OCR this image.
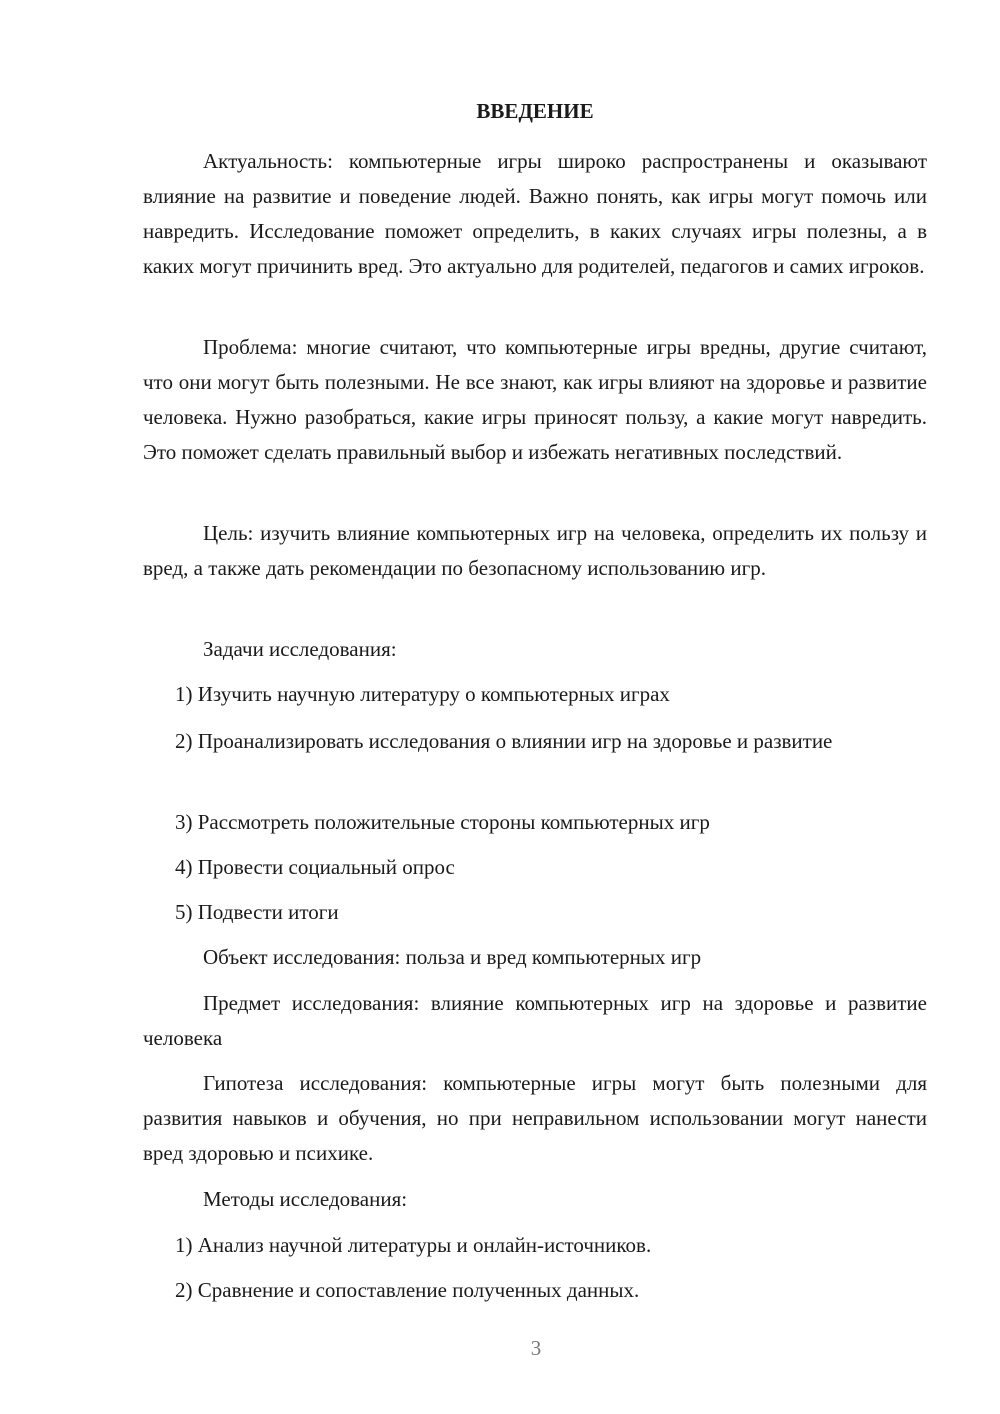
ВВЕДЕНИЕ

Актуальность: компьютерные игры широко распространены и оказывают влияние на развитие и поведение людей. Важно понять, как игры могут помочь или навредить. Исследование поможет определить, в каких случаях игры полезны, а в каких могут причинить вред. Это актуально для родителей, педагогов и самих игроков.

Проблема: многие считают, что компьютерные игры вредны, другие считают, что они могут быть полезными. Не все знают, как игры влияют на здоровье и развитие человека. Нужно разобраться, какие игры приносят пользу, а какие могут навредить. Это поможет сделать правильный выбор и избежать негативных последствий.

Цель: изучить влияние компьютерных игр на человека, определить их пользу и вред, а также дать рекомендации по безопасному использованию игр.

Задачи исследования:

1) Изучить научную литературу о компьютерных играх

2) Проанализировать исследования о влиянии игр на здоровье и развитие

3) Рассмотреть положительные стороны компьютерных игр

4) Провести социальный опрос

5) Подвести итоги

Объект исследования: польза и вред компьютерных игр

Предмет исследования: влияние компьютерных игр на здоровье и развитие человека

Гипотеза исследования: компьютерные игры могут быть полезными для развития навыков и обучения, но при неправильном использовании могут нанести вред здоровью и психике.

Методы исследования:

1) Анализ научной литературы и онлайн-источников.

2) Сравнение и сопоставление полученных данных.

3
